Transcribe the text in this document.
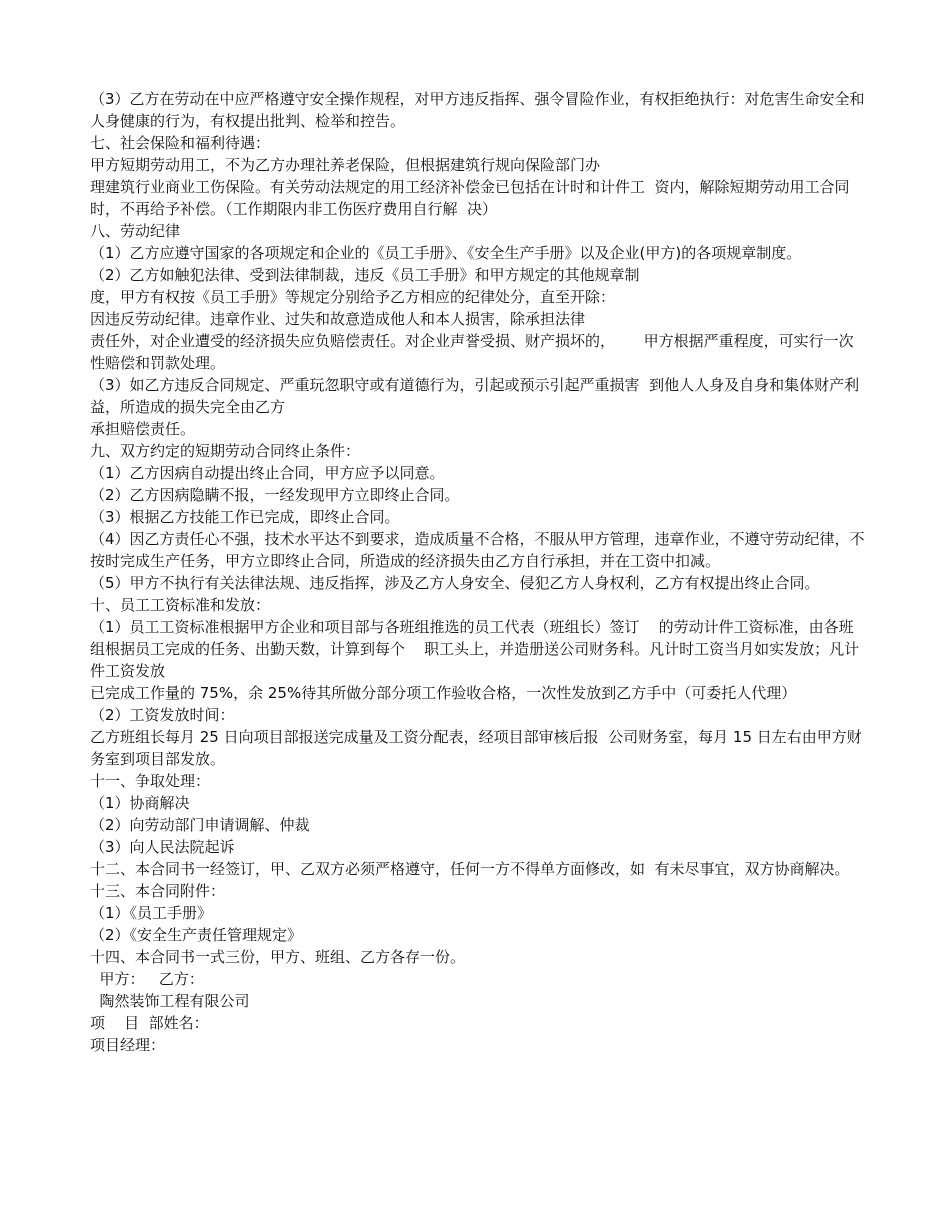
（3）乙方在劳动在中应严格遵守安全操作规程，对甲方违反指挥、强令冒险作业，有权拒绝执行：对危害生命安全和人身健康的行为，有权提出批判、检举和控告。

七、社会保险和福利待遇：

甲方短期劳动用工，不为乙方办理社养老保险，但根据建筑行规向保险部门办

理建筑行业商业工伤保险。有关劳动法规定的用工经济补偿金已包括在计时和计件工  资内，解除短期劳动用工合同时，不再给予补偿。（工作期限内非工伤医疗费用自行解  决）

八、劳动纪律

（1）乙方应遵守国家的各项规定和企业的《员工手册》、《安全生产手册》以及企业(甲方)的各项规章制度。

（2）乙方如触犯法律、受到法律制裁，违反《员工手册》和甲方规定的其他规章制

度，甲方有权按《员工手册》等规定分别给予乙方相应的纪律处分，直至开除：

因违反劳动纪律。违章作业、过失和故意造成他人和本人损害，除承担法律

责任外，对企业遭受的经济损失应负赔偿责任。对企业声誉受损、财产损坏的，      甲方根据严重程度，可实行一次性赔偿和罚款处理。

（3）如乙方违反合同规定、严重玩忽职守或有道德行为，引起或预示引起严重损害  到他人人身及自身和集体财产利益，所造成的损失完全由乙方

承担赔偿责任。

九、双方约定的短期劳动合同终止条件：

（1）乙方因病自动提出终止合同，甲方应予以同意。

（2）乙方因病隐瞒不报，一经发现甲方立即终止合同。

（3）根据乙方技能工作已完成，即终止合同。

（4）因乙方责任心不强，技术水平达不到要求，造成质量不合格，不服从甲方管理，违章作业，不遵守劳动纪律，不按时完成生产任务，甲方立即终止合同，所造成的经济损失由乙方自行承担，并在工资中扣减。

（5）甲方不执行有关法律法规、违反指挥，涉及乙方人身安全、侵犯乙方人身权利，乙方有权提出终止合同。

十、员工工资标准和发放：

（1）员工工资标准根据甲方企业和项目部与各班组推选的员工代表（班组长）签订    的劳动计件工资标准，由各班组根据员工完成的任务、出勤天数，计算到每个    职工头上，并造册送公司财务科。凡计时工资当月如实发放；凡计件工资发放

已完成工作量的 75%，余 25%待其所做分部分项工作验收合格，一次性发放到乙方手中（可委托人代理）

（2）工资发放时间：

乙方班组长每月 25 日向项目部报送完成量及工资分配表，经项目部审核后报  公司财务室，每月 15 日左右由甲方财务室到项目部发放。

十一、争取处理：

（1）协商解决

（2）向劳动部门申请调解、仲裁

（3）向人民法院起诉

十二、本合同书一经签订，甲、乙双方必须严格遵守，任何一方不得单方面修改，如  有未尽事宜，双方协商解决。

十三、本合同附件：

（1）《员工手册》

（2）《安全生产责任管理规定》

十四、本合同书一式三份，甲方、班组、乙方各存一份。

甲方：   乙方：

陶然装饰工程有限公司

项    目  部姓名：

项目经理：
